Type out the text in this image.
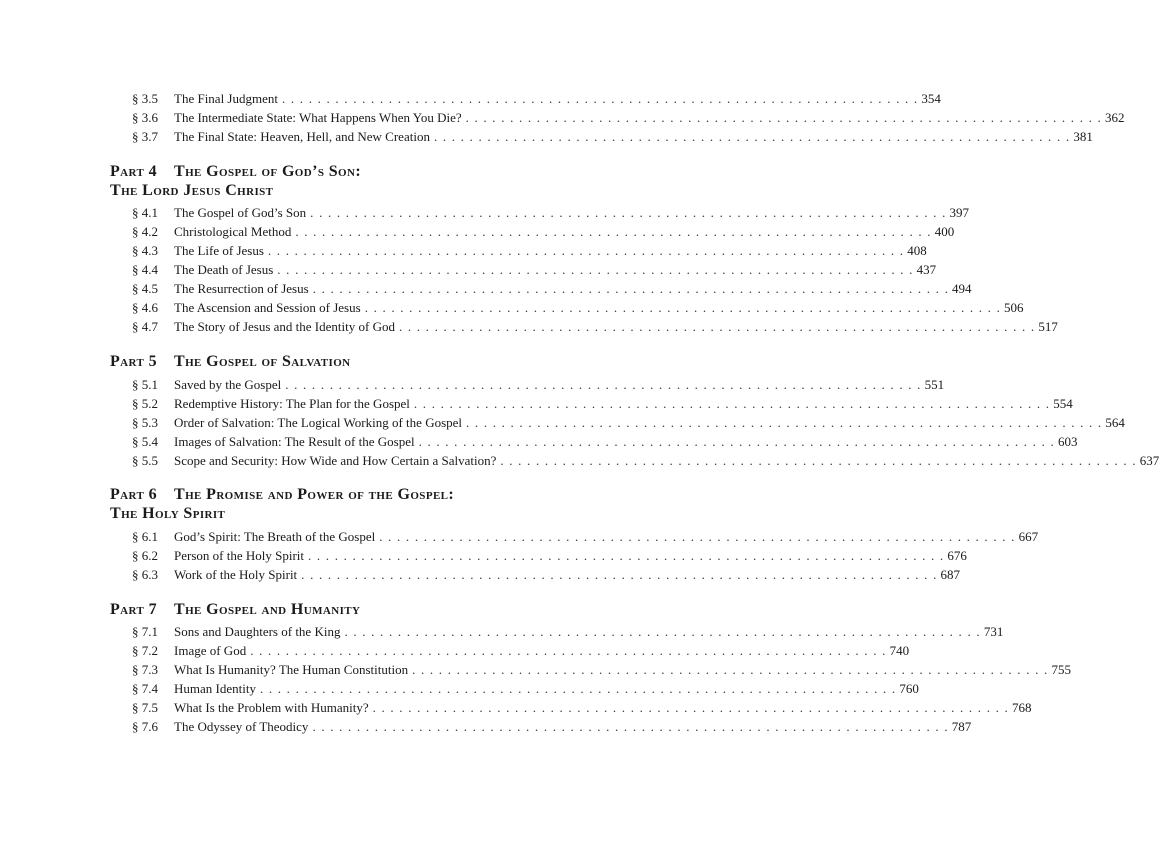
§ 3.5 The Final Judgment . . . . . . . . . . . . . . . . . . . . . . . . . . . . . . . . . . . . . . . . . . . . . . . . . . . . . . . . . . . . . . . . . . . . . . . . 354
§ 3.6 The Intermediate State: What Happens When You Die? . . . . . . . . . . . . . . . . . . . . . . . . . . . . . . . . . . . . . . . . . . . . . . . . . . . . . . . . . . . . . . . . . . . . . . . . 362
§ 3.7 The Final State: Heaven, Hell, and New Creation . . . . . . . . . . . . . . . . . . . . . . . . . . . . . . . . . . . . . . . . . . . . . . . . . . . . . . . . . . . . . . . . . . . . . . . . 381
Part 4 The Gospel of God’s Son:
The Lord Jesus Christ
§ 4.1 The Gospel of God’s Son . . . . . . . . . . . . . . . . . . . . . . . . . . . . . . . . . . . . . . . . . . . . . . . . . . . . . . . . . . . . . . . . . . . . . . . . 397
§ 4.2 Christological Method . . . . . . . . . . . . . . . . . . . . . . . . . . . . . . . . . . . . . . . . . . . . . . . . . . . . . . . . . . . . . . . . . . . . . . . . 400
§ 4.3 The Life of Jesus . . . . . . . . . . . . . . . . . . . . . . . . . . . . . . . . . . . . . . . . . . . . . . . . . . . . . . . . . . . . . . . . . . . . . . . . 408
§ 4.4 The Death of Jesus . . . . . . . . . . . . . . . . . . . . . . . . . . . . . . . . . . . . . . . . . . . . . . . . . . . . . . . . . . . . . . . . . . . . . . . . 437
§ 4.5 The Resurrection of Jesus . . . . . . . . . . . . . . . . . . . . . . . . . . . . . . . . . . . . . . . . . . . . . . . . . . . . . . . . . . . . . . . . . . . . . . . . 494
§ 4.6 The Ascension and Session of Jesus . . . . . . . . . . . . . . . . . . . . . . . . . . . . . . . . . . . . . . . . . . . . . . . . . . . . . . . . . . . . . . . . . . . . . . . . 506
§ 4.7 The Story of Jesus and the Identity of God . . . . . . . . . . . . . . . . . . . . . . . . . . . . . . . . . . . . . . . . . . . . . . . . . . . . . . . . . . . . . . . . . . . . . . . . 517
Part 5 The Gospel of Salvation
§ 5.1 Saved by the Gospel . . . . . . . . . . . . . . . . . . . . . . . . . . . . . . . . . . . . . . . . . . . . . . . . . . . . . . . . . . . . . . . . . . . . . . . . 551
§ 5.2 Redemptive History: The Plan for the Gospel . . . . . . . . . . . . . . . . . . . . . . . . . . . . . . . . . . . . . . . . . . . . . . . . . . . . . . . . . . . . . . . . . . . . . . . . 554
§ 5.3 Order of Salvation: The Logical Working of the Gospel . . . . . . . . . . . . . . . . . . . . . . . . . . . . . . . . . . . . . . . . . . . . . . . . . . . . . . . . . . . . . . . . . . . . . . . . 564
§ 5.4 Images of Salvation: The Result of the Gospel . . . . . . . . . . . . . . . . . . . . . . . . . . . . . . . . . . . . . . . . . . . . . . . . . . . . . . . . . . . . . . . . . . . . . . . . 603
§ 5.5 Scope and Security: How Wide and How Certain a Salvation? . . . . . . . . . . . . . . . . . . . . . . . . . . . . . . . . . . . . . . . . . . . . . . . . . . . . . . . . . . . . . . . . . . . . . . . . 637
Part 6 The Promise and Power of the Gospel:
The Holy Spirit
§ 6.1 God’s Spirit: The Breath of the Gospel . . . . . . . . . . . . . . . . . . . . . . . . . . . . . . . . . . . . . . . . . . . . . . . . . . . . . . . . . . . . . . . . . . . . . . . . 667
§ 6.2 Person of the Holy Spirit . . . . . . . . . . . . . . . . . . . . . . . . . . . . . . . . . . . . . . . . . . . . . . . . . . . . . . . . . . . . . . . . . . . . . . . . 676
§ 6.3 Work of the Holy Spirit . . . . . . . . . . . . . . . . . . . . . . . . . . . . . . . . . . . . . . . . . . . . . . . . . . . . . . . . . . . . . . . . . . . . . . . . 687
Part 7 The Gospel and Humanity
§ 7.1 Sons and Daughters of the King . . . . . . . . . . . . . . . . . . . . . . . . . . . . . . . . . . . . . . . . . . . . . . . . . . . . . . . . . . . . . . . . . . . . . . . . 731
§ 7.2 Image of God . . . . . . . . . . . . . . . . . . . . . . . . . . . . . . . . . . . . . . . . . . . . . . . . . . . . . . . . . . . . . . . . . . . . . . . . 740
§ 7.3 What Is Humanity? The Human Constitution . . . . . . . . . . . . . . . . . . . . . . . . . . . . . . . . . . . . . . . . . . . . . . . . . . . . . . . . . . . . . . . . . . . . . . . . 755
§ 7.4 Human Identity . . . . . . . . . . . . . . . . . . . . . . . . . . . . . . . . . . . . . . . . . . . . . . . . . . . . . . . . . . . . . . . . . . . . . . . . 760
§ 7.5 What Is the Problem with Humanity? . . . . . . . . . . . . . . . . . . . . . . . . . . . . . . . . . . . . . . . . . . . . . . . . . . . . . . . . . . . . . . . . . . . . . . . . 768
§ 7.6 The Odyssey of Theodicy . . . . . . . . . . . . . . . . . . . . . . . . . . . . . . . . . . . . . . . . . . . . . . . . . . . . . . . . . . . . . . . . . . . . . . . . 787
